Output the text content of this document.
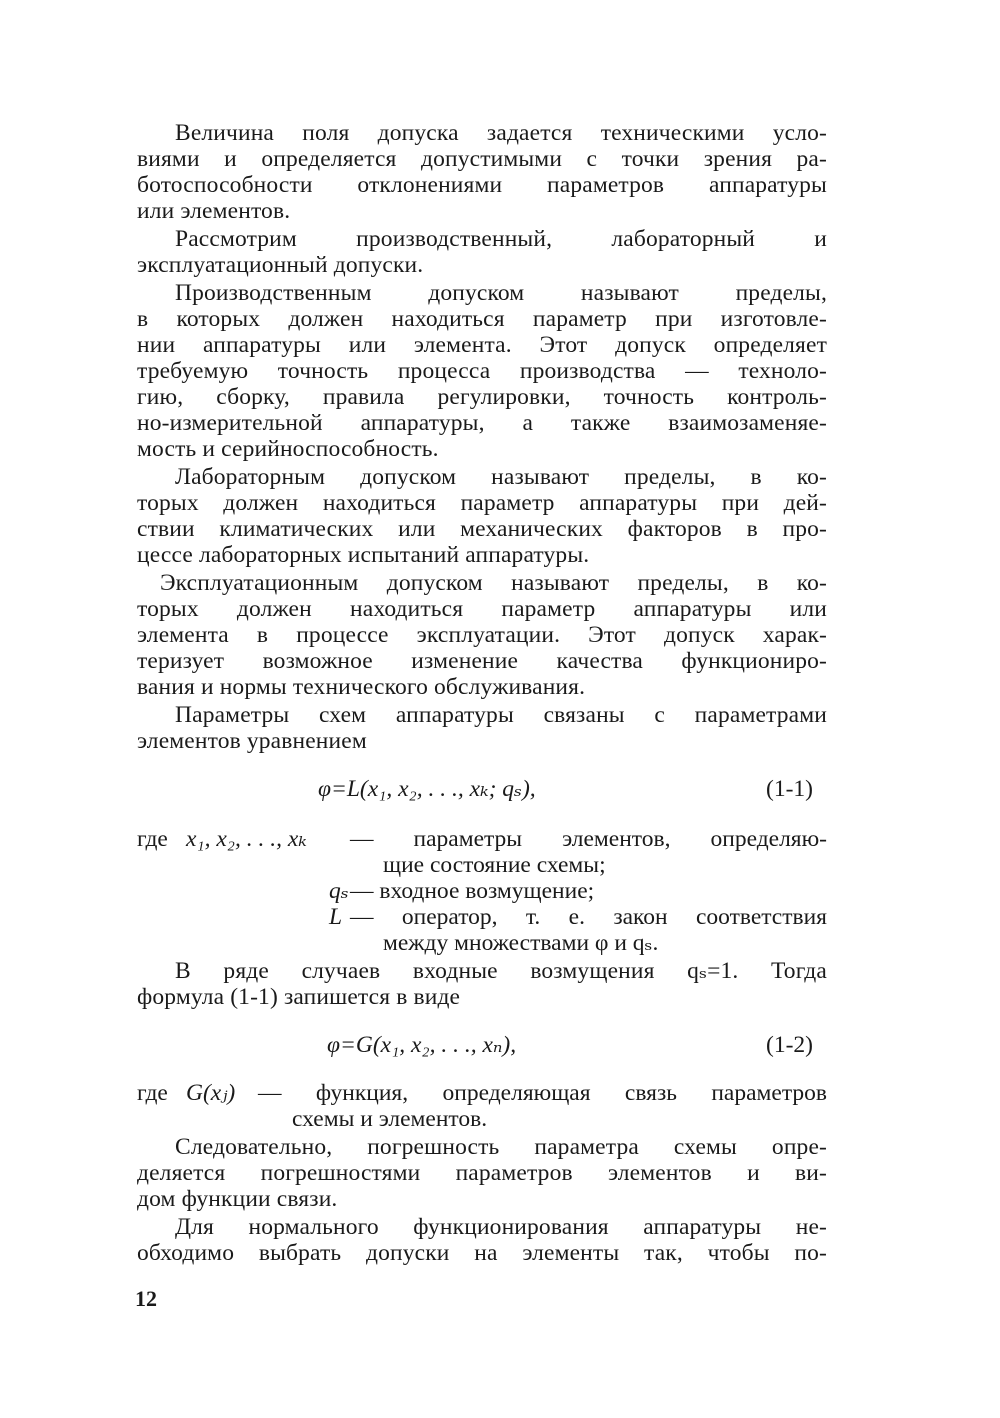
Величина поля допуска задается техническими усло-
виями и определяется допустимыми с точки зрения ра-
ботоспособности отклонениями параметров аппаратуры
или элементов.
Рассмотрим производственный, лабораторный и
эксплуатационный допуски.
Производственным допуском называют пределы,
в которых должен находиться параметр при изготовле-
нии аппаратуры или элемента. Этот допуск определяет
требуемую точность процесса производства — техноло-
гию, сборку, правила регулировки, точность контроль-
но-измерительной аппаратуры, а также взаимозаменяе-
мость и серийноспособность.
Лабораторным допуском называют пределы, в ко-
торых должен находиться параметр аппаратуры при дей-
ствии климатических или механических факторов в про-
цессе лабораторных испытаний аппаратуры.
Эксплуатационным допуском называют пределы, в ко-
торых должен находиться параметр аппаратуры или
элемента в процессе эксплуатации. Этот допуск харак-
теризует возможное изменение качества функциониро-
вания и нормы технического обслуживания.
Параметры схем аппаратуры связаны с параметрами
элементов уравнением
φ=L(x₁, x₂, . . ., xₖ; qₛ),	(1-1)
где x₁, x₂, . . ., xₖ — параметры элементов, определяю-
щие состояние схемы;
qₛ — входное возмущение;
L — оператор, т. е. закон соответствия
между множествами φ и qₛ.
В ряде случаев входные возмущения qₛ=1. Тогда
формула (1-1) запишется в виде
φ=G(x₁, x₂, . . ., xₙ),	(1-2)
где G(xⱼ) — функция, определяющая связь параметров
схемы и элементов.
Следовательно, погрешность параметра схемы опре-
деляется погрешностями параметров элементов и ви-
дом функции связи.
Для нормального функционирования аппаратуры не-
обходимо выбрать допуски на элементы так, чтобы по-
12
